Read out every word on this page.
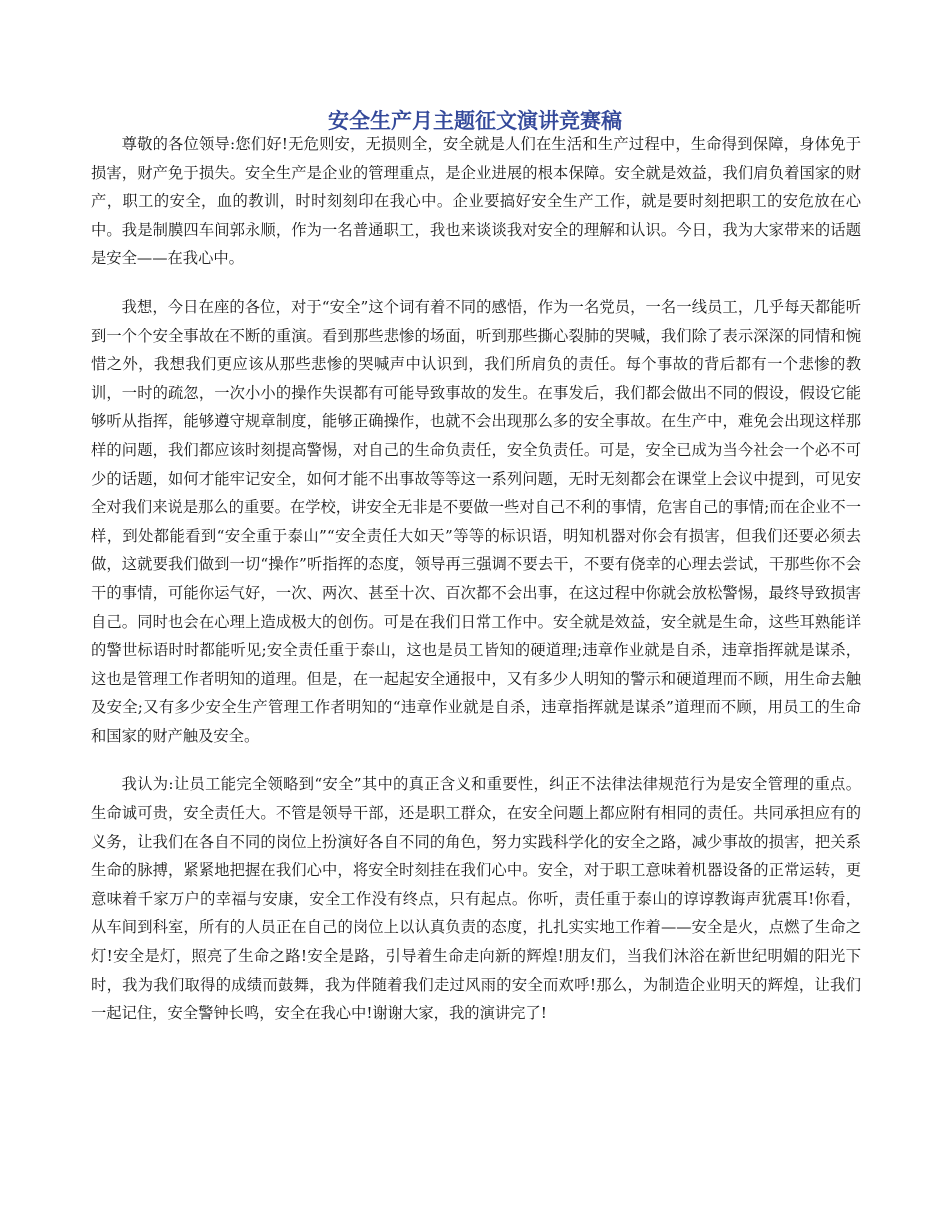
安全生产月主题征文演讲竞赛稿

尊敬的各位领导:您们好!无危则安，无损则全，安全就是人们在生活和生产过程中，生命得到保障，身体免于损害，财产免于损失。安全生产是企业的管理重点，是企业进展的根本保障。安全就是效益，我们肩负着国家的财产，职工的安全，血的教训，时时刻刻印在我心中。企业要搞好安全生产工作，就是要时刻把职工的安危放在心中。我是制膜四车间郭永顺，作为一名普通职工，我也来谈谈我对安全的理解和认识。今日，我为大家带来的话题是安全——在我心中。

我想，今日在座的各位，对于“安全”这个词有着不同的感悟，作为一名党员，一名一线员工，几乎每天都能听到一个个安全事故在不断的重演。看到那些悲惨的场面，听到那些撕心裂肺的哭喊，我们除了表示深深的同情和惋惜之外，我想我们更应该从那些悲惨的哭喊声中认识到，我们所肩负的责任。每个事故的背后都有一个悲惨的教训，一时的疏忽，一次小小的操作失误都有可能导致事故的发生。在事发后，我们都会做出不同的假设，假设它能够听从指挥，能够遵守规章制度，能够正确操作，也就不会出现那么多的安全事故。在生产中，难免会出现这样那样的问题，我们都应该时刻提高警惕，对自己的生命负责任，安全负责任。可是，安全已成为当今社会一个必不可少的话题，如何才能牢记安全，如何才能不出事故等等这一系列问题，无时无刻都会在课堂上会议中提到，可见安全对我们来说是那么的重要。在学校，讲安全无非是不要做一些对自己不利的事情，危害自己的事情;而在企业不一样，到处都能看到“安全重于泰山”“安全责任大如天”等等的标识语，明知机器对你会有损害，但我们还要必须去做，这就要我们做到一切“操作”听指挥的态度，领导再三强调不要去干，不要有侥幸的心理去尝试，干那些你不会干的事情，可能你运气好，一次、两次、甚至十次、百次都不会出事，在这过程中你就会放松警惕，最终导致损害自己。同时也会在心理上造成极大的创伤。可是在我们日常工作中。安全就是效益，安全就是生命，这些耳熟能详的警世标语时时都能听见;安全责任重于泰山，这也是员工皆知的硬道理;违章作业就是自杀，违章指挥就是谋杀，这也是管理工作者明知的道理。但是，在一起起安全通报中，又有多少人明知的警示和硬道理而不顾，用生命去触及安全;又有多少安全生产管理工作者明知的“违章作业就是自杀，违章指挥就是谋杀”道理而不顾，用员工的生命和国家的财产触及安全。

我认为:让员工能完全领略到“安全”其中的真正含义和重要性，纠正不法律法律规范行为是安全管理的重点。生命诚可贵，安全责任大。不管是领导干部，还是职工群众，在安全问题上都应附有相同的责任。共同承担应有的义务，让我们在各自不同的岗位上扮演好各自不同的角色，努力实践科学化的安全之路，减少事故的损害，把关系生命的脉搏，紧紧地把握在我们心中，将安全时刻挂在我们心中。安全，对于职工意味着机器设备的正常运转，更意味着千家万户的幸福与安康，安全工作没有终点，只有起点。你听，责任重于泰山的谆谆教诲声犹震耳!你看，从车间到科室，所有的人员正在自己的岗位上以认真负责的态度，扎扎实实地工作着——安全是火，点燃了生命之灯!安全是灯，照亮了生命之路!安全是路，引导着生命走向新的辉煌!朋友们，当我们沐浴在新世纪明媚的阳光下时，我为我们取得的成绩而鼓舞，我为伴随着我们走过风雨的安全而欢呼!那么，为制造企业明天的辉煌，让我们一起记住，安全警钟长鸣，安全在我心中!谢谢大家，我的演讲完了!
